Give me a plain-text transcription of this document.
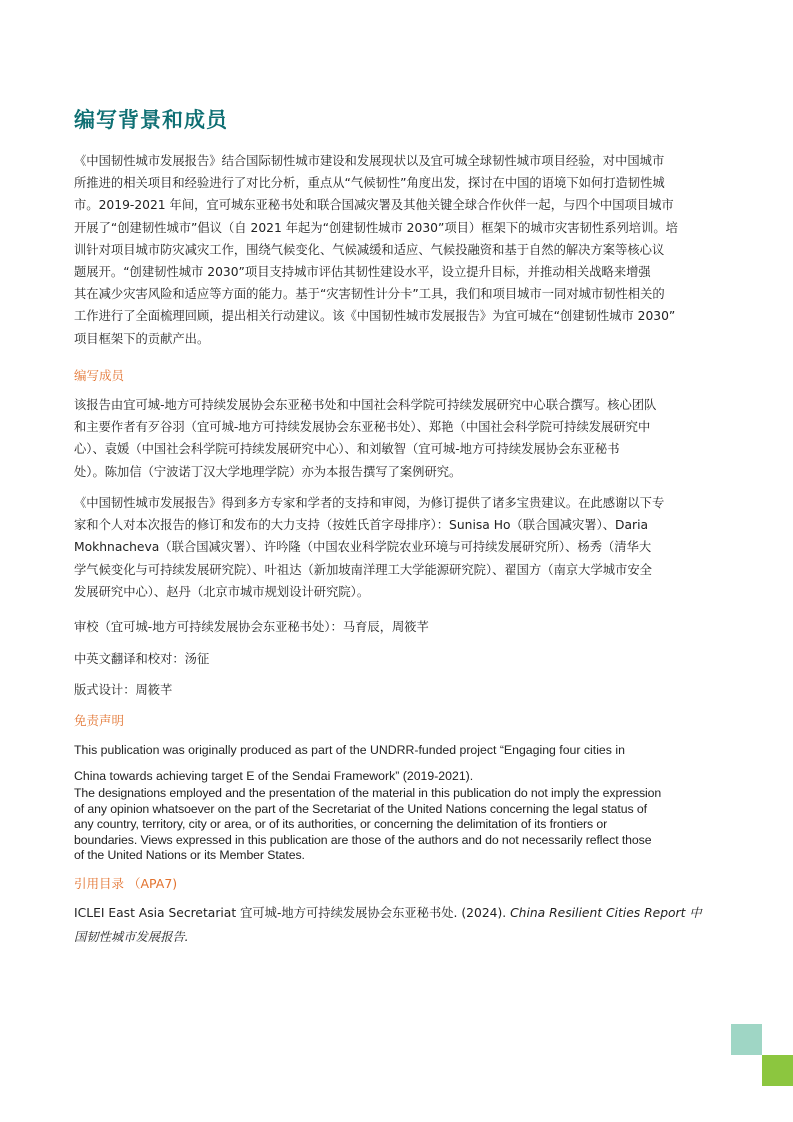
编写背景和成员

《中国韧性城市发展报告》结合国际韧性城市建设和发展现状以及宜可城全球韧性城市项目经验，对中国城市
所推进的相关项目和经验进行了对比分析，重点从“气候韧性”角度出发，探讨在中国的语境下如何打造韧性城
市。2019-2021 年间，宜可城东亚秘书处和联合国减灾署及其他关键全球合作伙伴一起，与四个中国项目城市
开展了“创建韧性城市”倡议（自 2021 年起为“创建韧性城市 2030”项目）框架下的城市灾害韧性系列培训。培
训针对项目城市防灾减灾工作，围绕气候变化、气候减缓和适应、气候投融资和基于自然的解决方案等核心议
题展开。“创建韧性城市 2030”项目支持城市评估其韧性建设水平，设立提升目标，并推动相关战略来增强
其在减少灾害风险和适应等方面的能力。基于“灾害韧性计分卡”工具，我们和项目城市一同对城市韧性相关的
工作进行了全面梳理回顾，提出相关行动建议。该《中国韧性城市发展报告》为宜可城在“创建韧性城市 2030”
项目框架下的贡献产出。

编写成员

该报告由宜可城-地方可持续发展协会东亚秘书处和中国社会科学院可持续发展研究中心联合撰写。核心团队
和主要作者有歹谷羽（宜可城-地方可持续发展协会东亚秘书处）、郑艳（中国社会科学院可持续发展研究中
心）、袁媛（中国社会科学院可持续发展研究中心）、和刘敏智（宜可城-地方可持续发展协会东亚秘书
处）。陈加信（宁波诺丁汉大学地理学院）亦为本报告撰写了案例研究。

《中国韧性城市发展报告》得到多方专家和学者的支持和审阅，为修订提供了诸多宝贵建议。在此感谢以下专
家和个人对本次报告的修订和发布的大力支持（按姓氏首字母排序）：Sunisa Ho（联合国减灾署）、Daria
Mokhnacheva（联合国减灾署）、许吟隆（中国农业科学院农业环境与可持续发展研究所）、杨秀（清华大
学气候变化与可持续发展研究院）、叶祖达（新加坡南洋理工大学能源研究院）、翟国方（南京大学城市安全
发展研究中心）、赵丹（北京市城市规划设计研究院）。

审校（宜可城-地方可持续发展协会东亚秘书处）：马育辰，周筱芊

中英文翻译和校对：汤征

版式设计：周筱芊

免责声明
This publication was originally produced as part of the UNDRR-funded project “Engaging four cities in
China towards achieving target E of the Sendai Framework” (2019-2021).
The designations employed and the presentation of the material in this publication do not imply the expression
of any opinion whatsoever on the part of the Secretariat of the United Nations concerning the legal status of
any country, territory, city or area, or of its authorities, or concerning the delimitation of its frontiers or
boundaries. Views expressed in this publication are those of the authors and do not necessarily reflect those
of the United Nations or its Member States.
引用目录 （APA7)

ICLEI East Asia Secretariat 宜可城-地方可持续发展协会东亚秘书处. (2024). China Resilient Cities Report 中
国韧性城市发展报告.
